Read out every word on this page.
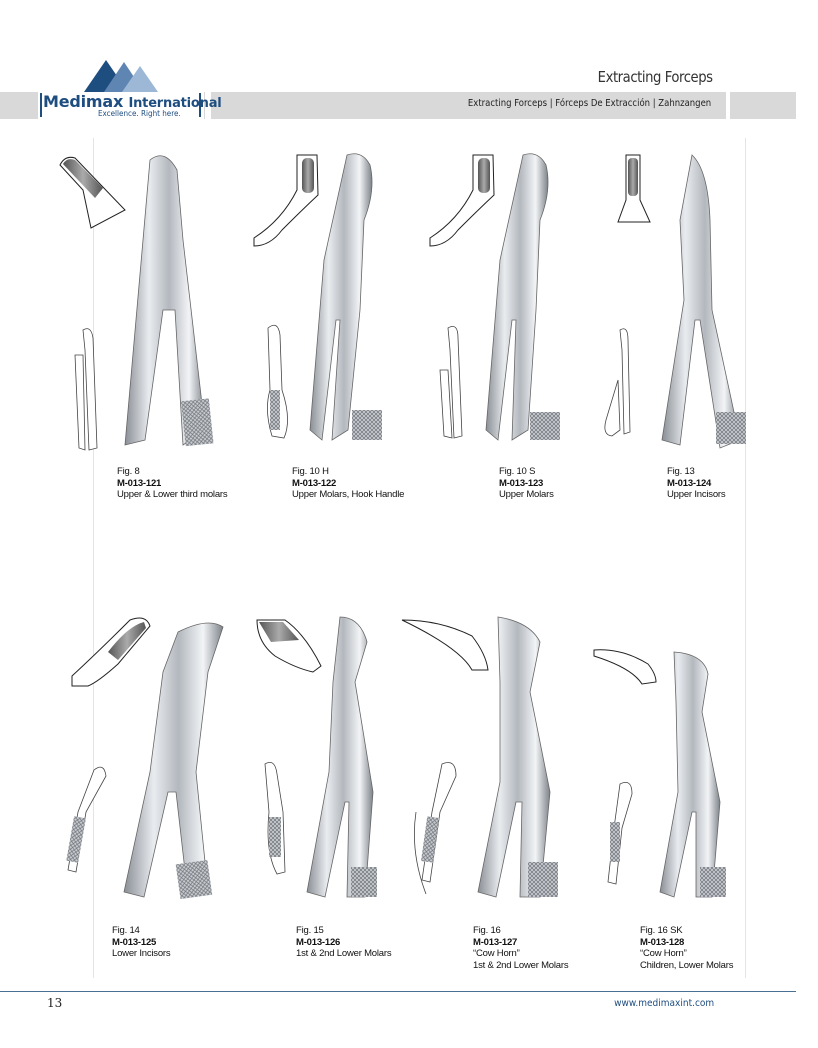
Medimax International
Excellence. Right here.
Extracting Forceps
Extracting Forceps | Fórceps De Extracción | Zahnzangen
Fig. 8
M-013-121
Upper & Lower third molars
Fig. 10 H
M-013-122
Upper Molars, Hook Handle
Fig. 10 S
M-013-123
Upper Molars
Fig. 13
M-013-124
Upper Incisors
Fig. 14
M-013-125
Lower Incisors
Fig. 15
M-013-126
1st & 2nd Lower Molars
Fig. 16
M-013-127
“Cow Horn”
1st & 2nd Lower Molars
Fig. 16 SK
M-013-128
“Cow Horn”
Children, Lower Molars
13	www.medimaxint.com
